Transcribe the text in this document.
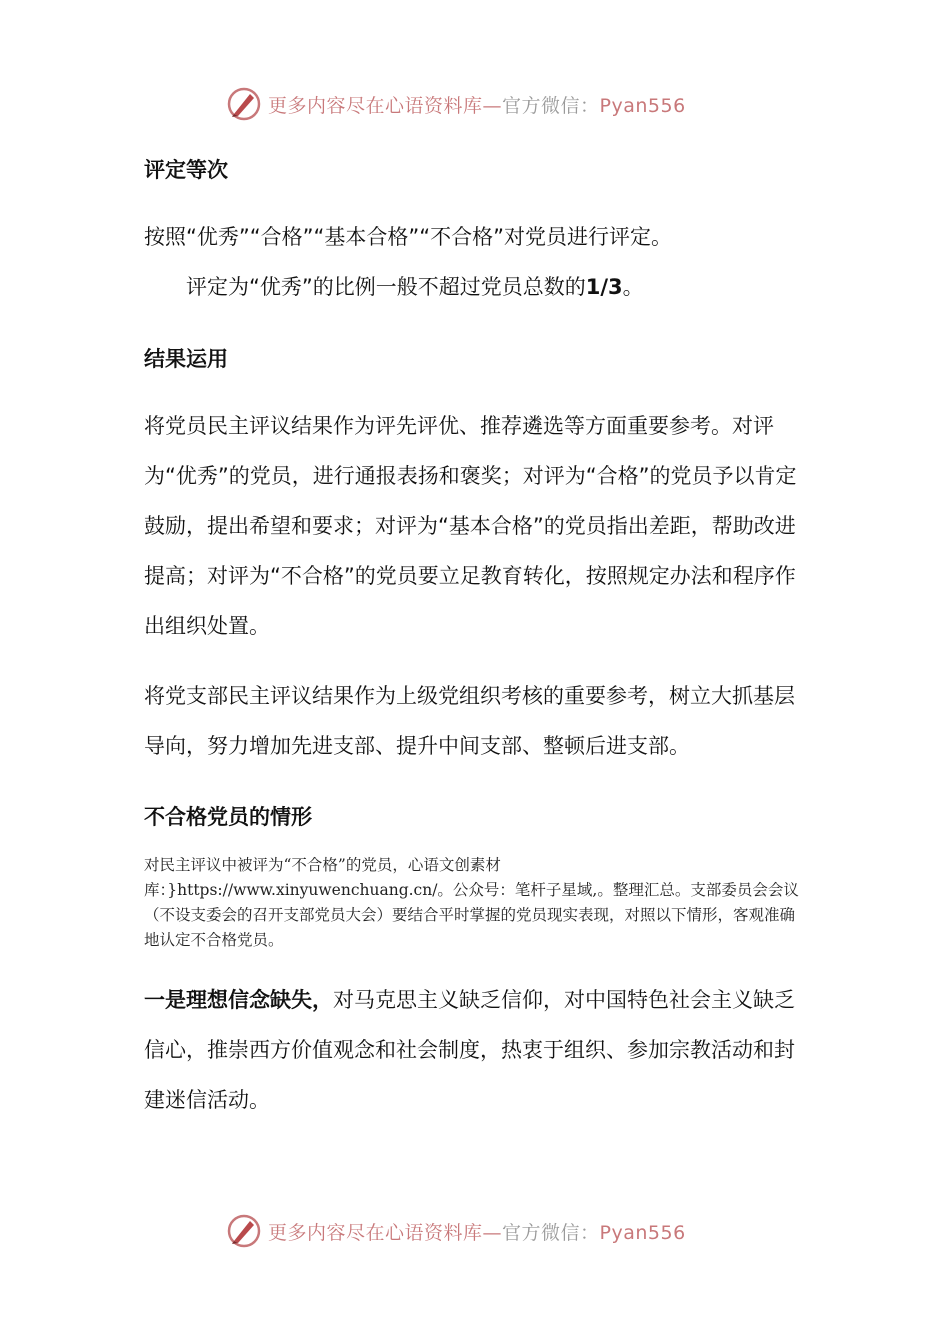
更多内容尽在心语资料库—官方微信：Pyan556
评定等次

按照“优秀”“合格”“基本合格”“不合格”对党员进行评定。

评定为“优秀”的比例一般不超过党员总数的1/3。

结果运用

将党员民主评议结果作为评先评优、推荐遴选等方面重要参考。对评为“优秀”的党员，进行通报表扬和褒奖；对评为“合格”的党员予以肯定鼓励，提出希望和要求；对评为“基本合格”的党员指出差距，帮助改进提高；对评为“不合格”的党员要立足教育转化，按照规定办法和程序作出组织处置。

将党支部民主评议结果作为上级党组织考核的重要参考，树立大抓基层导向，努力增加先进支部、提升中间支部、整顿后进支部。

不合格党员的情形

对民主评议中被评为“不合格”的党员，心语文创素材库：}https://www.xinyuwenchuang.cn/。公众号：笔杆子星域,。整理汇总。支部委员会会议（不设支委会的召开支部党员大会）要结合平时掌握的党员现实表现，对照以下情形，客观准确地认定不合格党员。

一是理想信念缺失，对马克思主义缺乏信仰，对中国特色社会主义缺乏信心，推崇西方价值观念和社会制度，热衷于组织、参加宗教活动和封建迷信活动。

更多内容尽在心语资料库—官方微信：Pyan556
